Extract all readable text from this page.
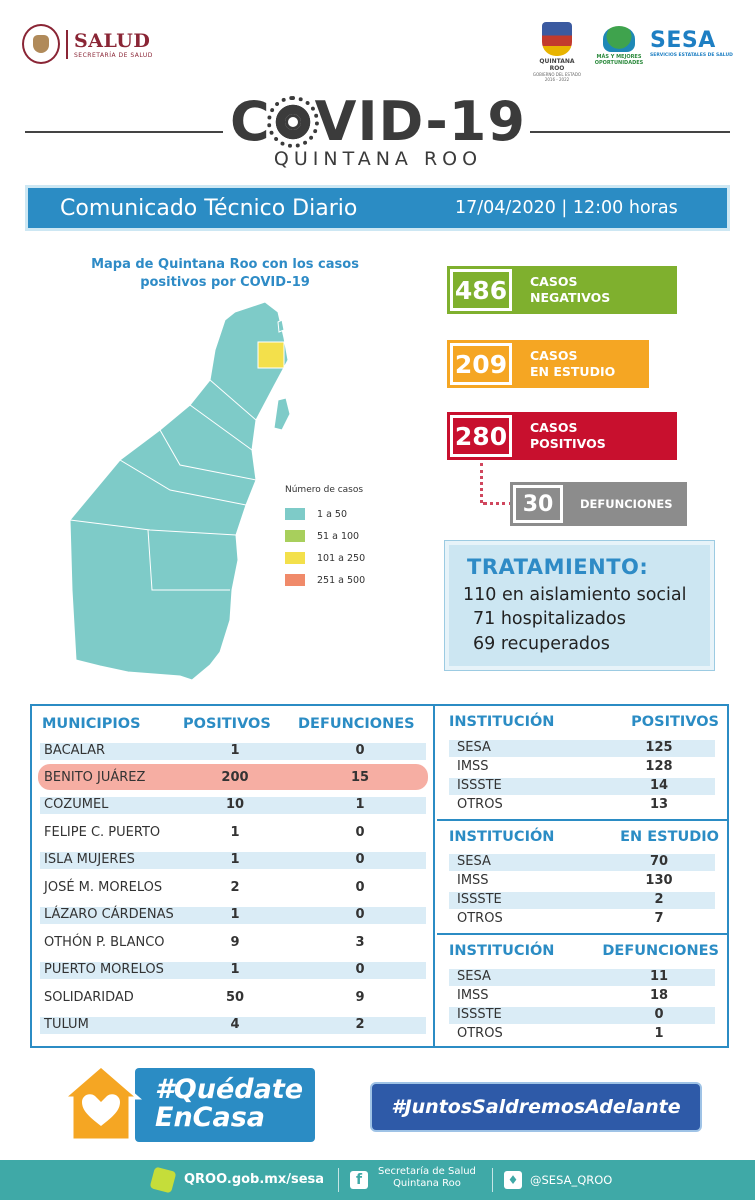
SALUD
SECRETARÍA DE SALUD
QUINTANA ROO
GOBIERNO DEL ESTADO 2016 - 2022
MÁS Y MEJORES
OPORTUNIDADES
SESA
SERVICIOS ESTATALES DE SALUD
C VID-19
QUINTANA ROO
Comunicado Técnico Diario	17/04/2020 | 12:00 horas
Mapa de Quintana Roo con los casos
positivos por COVID-19
Número de casos
1 a 50
51 a 100
101 a 250
251 a 500
486	CASOS
NEGATIVOS
209	CASOS
EN ESTUDIO
280	CASOS
POSITIVOS
30	DEFUNCIONES
TRATAMIENTO:
110 en aislamiento social
71 hospitalizados
69 recuperados
MUNICIPIOS	POSITIVOS DEFUNCIONES
BACALAR	1	0
BENITO JUÁREZ	200	15
COZUMEL	10	1
FELIPE C. PUERTO	1	0
ISLA MUJERES	1	0
JOSÉ M. MORELOS	2	0
LÁZARO CÁRDENAS	1	0
OTHÓN P. BLANCO	9	3
PUERTO MORELOS	1	0
SOLIDARIDAD	50	9
TULUM	4	2
INSTITUCIÓN	POSITIVOS
SESA	125
IMSS	128
ISSSTE	14
OTROS	13
INSTITUCIÓN	EN ESTUDIO
SESA	70
IMSS	130
ISSSTE	2
OTROS	7
INSTITUCIÓN	DEFUNCIONES
SESA	11
IMSS	18
ISSSTE	0
OTROS	1
#Quédate
EnCasa	#JuntosSaldremosAdelante
QROO.gob.mx/sesa	f
Secretaría de Salud
Quintana Roo	♦	@SESA_QROO
